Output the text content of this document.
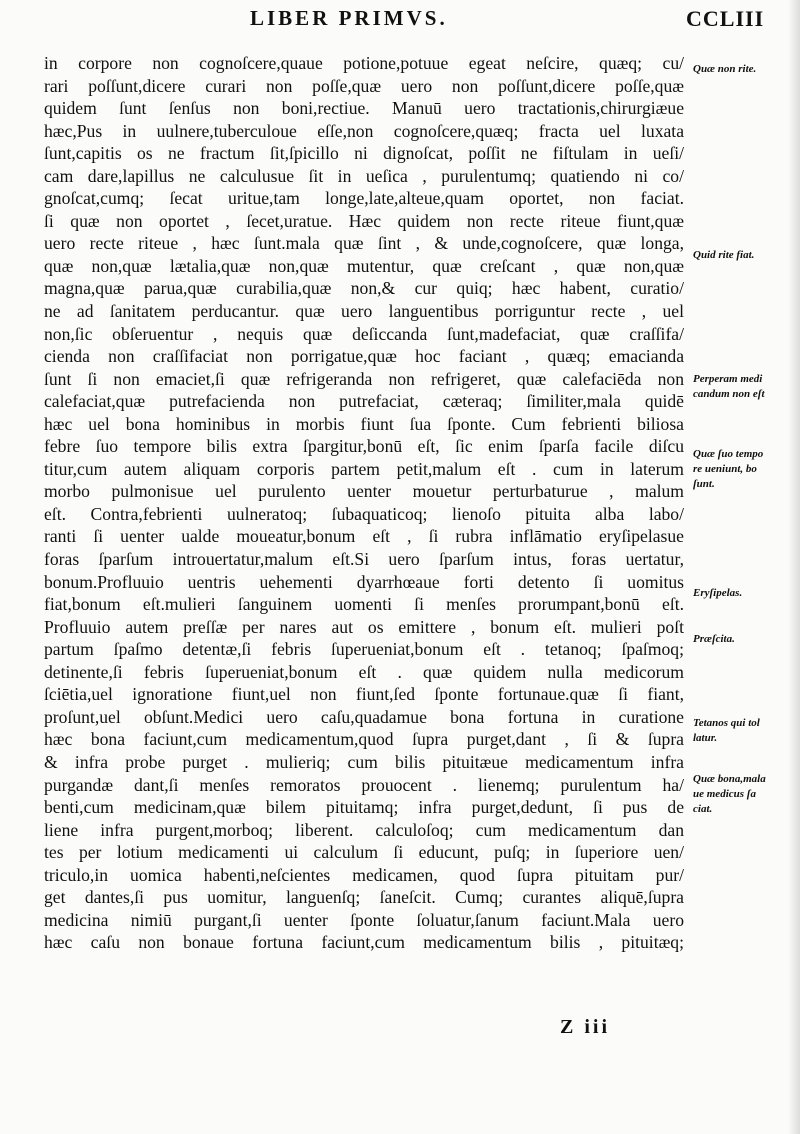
LIBER PRIMVS.	CCLIII
in corpore non cognoſcere,quaue potione,potuue egeat neſcire, quæq; cu/
rari poſſunt,dicere curari non poſſe,quæ uero non poſſunt,dicere poſſe,quæ
quidem ſunt ſenſus non boni,rectiue. Manuū uero tractationis,chirurgiæue
hæc,Pus in uulnere,tuberculoue eſſe,non cognoſcere,quæq; fracta uel luxata
ſunt,capitis os ne fractum ſit,ſpicillo ni dignoſcat, poſſit ne fiſtulam in ueſi/
cam dare,lapillus ne calculusue ſit in ueſica , purulentumq; quatiendo ni co/
gnoſcat,cumq; ſecat uritue,tam longe,late,alteue,quam oportet, non faciat.
ſi quæ non oportet , ſecet,uratue. Hæc quidem non recte riteue fiunt,quæ
uero recte riteue , hæc ſunt.mala quæ ſint , & unde,cognoſcere, quæ longa,
quæ non,quæ lætalia,quæ non,quæ mutentur, quæ creſcant , quæ non,quæ
magna,quæ parua,quæ curabilia,quæ non,& cur quiq; hæc habent, curatio/
ne ad ſanitatem perducantur. quæ uero languentibus porriguntur recte , uel
non,ſic obſeruentur , nequis quæ deſiccanda ſunt,madefaciat, quæ craſſifa/
cienda non craſſifaciat non porrigatue,quæ hoc faciant , quæq; emacianda
ſunt ſi non emaciet,ſi quæ refrigeranda non refrigeret, quæ calefaciēda non
calefaciat,quæ putrefacienda non putrefaciat, cæteraq; ſimiliter,mala quidē
hæc uel bona hominibus in morbis fiunt ſua ſponte. Cum febrienti biliosa
febre ſuo tempore bilis extra ſpargitur,bonū eſt, ſic enim ſparſa facile diſcu
titur,cum autem aliquam corporis partem petit,malum eſt . cum in laterum
morbo pulmonisue uel purulento uenter mouetur perturbaturue , malum
eſt. Contra,febrienti uulneratoq; ſubaquaticoq; lienoſo pituita alba labo/
ranti ſi uenter ualde moueatur,bonum eſt , ſi rubra inflāmatio eryſipelasue
foras ſparſum introuertatur,malum eſt.Si uero ſparſum intus, foras uertatur,
bonum.Profluuio uentris uehementi dyarrhœaue forti detento ſi uomitus
fiat,bonum eſt.mulieri ſanguinem uomenti ſi menſes prorumpant,bonū eſt.
Profluuio autem preſſæ per nares aut os emittere , bonum eſt. mulieri poſt
partum ſpaſmo detentæ,ſi febris ſuperueniat,bonum eſt . tetanoq; ſpaſmoq;
detinente,ſi febris ſuperueniat,bonum eſt . quæ quidem nulla medicorum
ſciētia,uel ignoratione fiunt,uel non fiunt,ſed ſponte fortunaue.quæ ſi fiant,
proſunt,uel obſunt.Medici uero caſu,quadamue bona fortuna in curatione
hæc bona faciunt,cum medicamentum,quod ſupra purget,dant , ſi & ſupra
& infra probe purget . mulieriq; cum bilis pituitæue medicamentum infra
purgandæ dant,ſi menſes remoratos prouocent . lienemq; purulentum ha/
benti,cum medicinam,quæ bilem pituitamq; infra purget,dedunt, ſi pus de
liene infra purgent,morboq; liberent. calculoſoq; cum medicamentum dan
tes per lotium medicamenti ui calculum ſi educunt, puſq; in ſuperiore uen/
triculo,in uomica habenti,neſcientes medicamen, quod ſupra pituitam pur/
get dantes,ſi pus uomitur, languenſq; ſaneſcit. Cumq; curantes aliquē,ſupra
medicina nimiū purgant,ſi uenter ſponte ſoluatur,ſanum faciunt.Mala uero
hæc caſu non bonaue fortuna faciunt,cum medicamentum bilis , pituitæq;
Z iii
Quæ non rite.
Quid rite fiat.
Perperam medi
candum non eſt
Quæ ſuo tempo
re ueniunt, bo
ſunt.
Eryſipelas.
Præſcita.
Tetanos qui tol
latur.
Quæ bona,mala
ue medicus ſa
ciat.
